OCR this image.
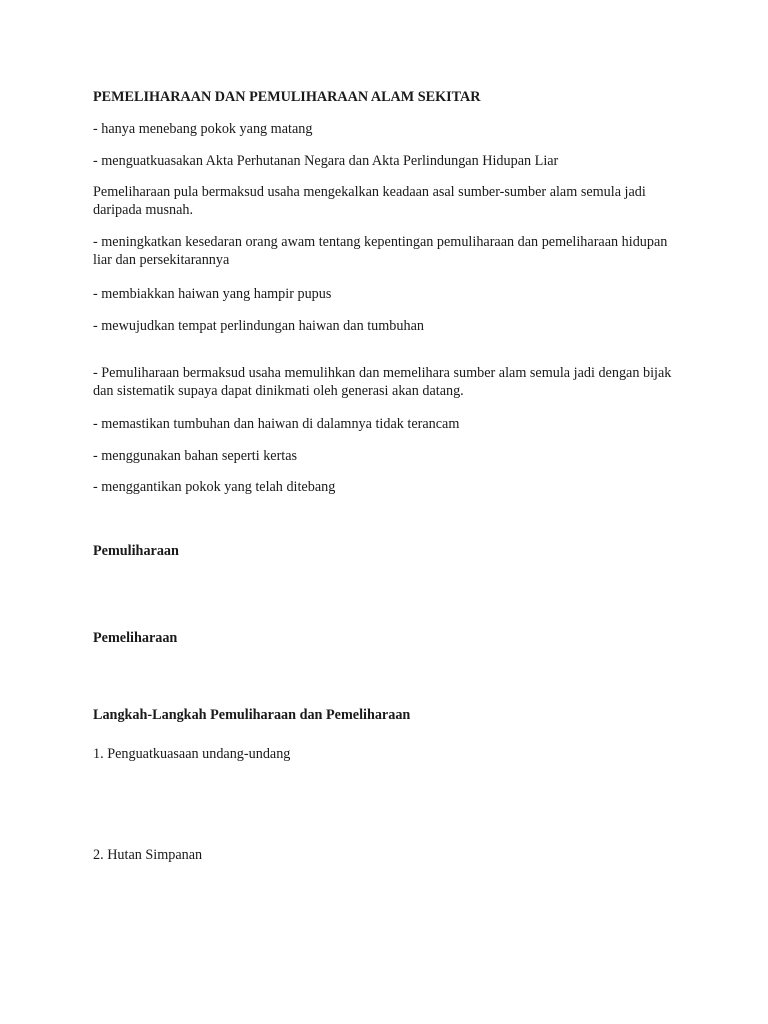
PEMELIHARAAN DAN PEMULIHARAAN ALAM SEKITAR

- hanya menebang pokok yang matang

- menguatkuasakan Akta Perhutanan Negara dan Akta Perlindungan Hidupan Liar

Pemeliharaan pula bermaksud usaha mengekalkan keadaan asal sumber-sumber alam semula jadi daripada musnah.

- meningkatkan kesedaran orang awam tentang kepentingan pemuliharaan dan pemeliharaan hidupan liar dan persekitarannya

- membiakkan haiwan yang hampir pupus

- mewujudkan tempat perlindungan haiwan dan tumbuhan

- Pemuliharaan bermaksud usaha memulihkan dan memelihara sumber alam semula jadi dengan bijak dan sistematik supaya dapat dinikmati oleh generasi akan datang.

- memastikan tumbuhan dan haiwan di dalamnya tidak terancam

- menggunakan bahan seperti kertas

- menggantikan pokok yang telah ditebang

Pemuliharaan

Pemeliharaan

Langkah-Langkah Pemuliharaan dan Pemeliharaan

1. Penguatkuasaan undang-undang

2. Hutan Simpanan
